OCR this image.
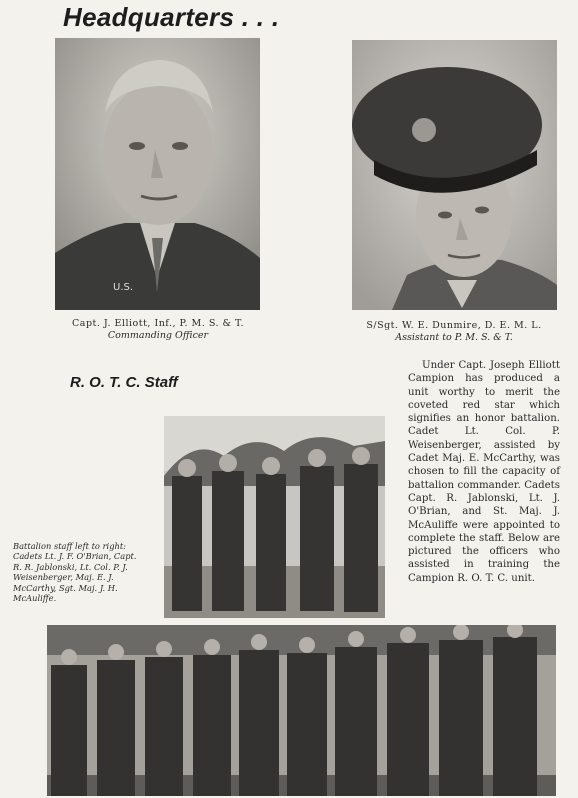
Headquarters . . .
U.S.
Capt. J. Elliott, Inf., P. M. S. & T.
Commanding Officer
S/Sgt. W. E. Dunmire, D. E. M. L.
Assistant to P. M. S. & T.
R. O. T. C. Staff
Under Capt. Joseph Elliott Campion has produced a unit worthy to merit the coveted red star which signifies an honor battalion. Cadet Lt. Col. P. Weisenberger, assisted by Cadet Maj. E. McCarthy, was chosen to fill the capacity of battalion commander. Cadets Capt. R. Jablonski, Lt. J. O'Brian, and St. Maj. J. McAuliffe were appointed to complete the staff. Below are pictured the officers who assisted in training the Campion R. O. T. C. unit.
Battalion staff left to right: Cadets Lt. J. F. O'Brian, Capt. R. R. Jablonski, Lt. Col. P. J. Weisenberger, Maj. E. J. McCarthy, Sgt. Maj. J. H. McAuliffe.
